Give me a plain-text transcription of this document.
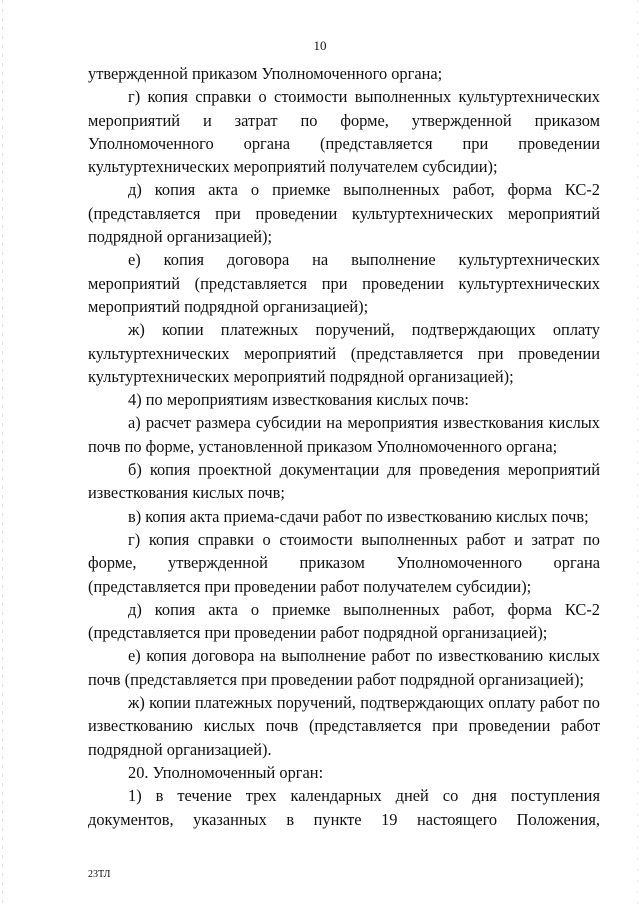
10

утвержденной приказом Уполномоченного органа;

г) копия справки о стоимости выполненных культуртехнических мероприятий и затрат по форме, утвержденной приказом Уполномоченного органа (представляется при проведении культуртехнических мероприятий получателем субсидии);

д) копия акта о приемке выполненных работ, форма КС-2 (представляется при проведении культуртехнических мероприятий подрядной организацией);

е) копия договора на выполнение культуртехнических мероприятий (представляется при проведении культуртехнических мероприятий подрядной организацией);

ж) копии платежных поручений, подтверждающих оплату культуртехнических мероприятий (представляется при проведении культуртехнических мероприятий подрядной организацией);

4) по мероприятиям известкования кислых почв:

а) расчет размера субсидии на мероприятия известкования кислых почв по форме, установленной приказом Уполномоченного органа;

б) копия проектной документации для проведения мероприятий известкования кислых почв;

в) копия акта приема-сдачи работ по известкованию кислых почв;

г) копия справки о стоимости выполненных работ и затрат по форме, утвержденной приказом Уполномоченного органа (представляется при проведении работ получателем субсидии);

д) копия акта о приемке выполненных работ, форма КС-2 (представляется при проведении работ подрядной организацией);

е) копия договора на выполнение работ по известкованию кислых почв (представляется при проведении работ подрядной организацией);

ж) копии платежных поручений, подтверждающих оплату работ по известкованию кислых почв (представляется при проведении работ подрядной организацией).

20. Уполномоченный орган:

1) в течение трех календарных дней со дня поступления документов, указанных в пункте 19 настоящего Положения,

23ТЛ
